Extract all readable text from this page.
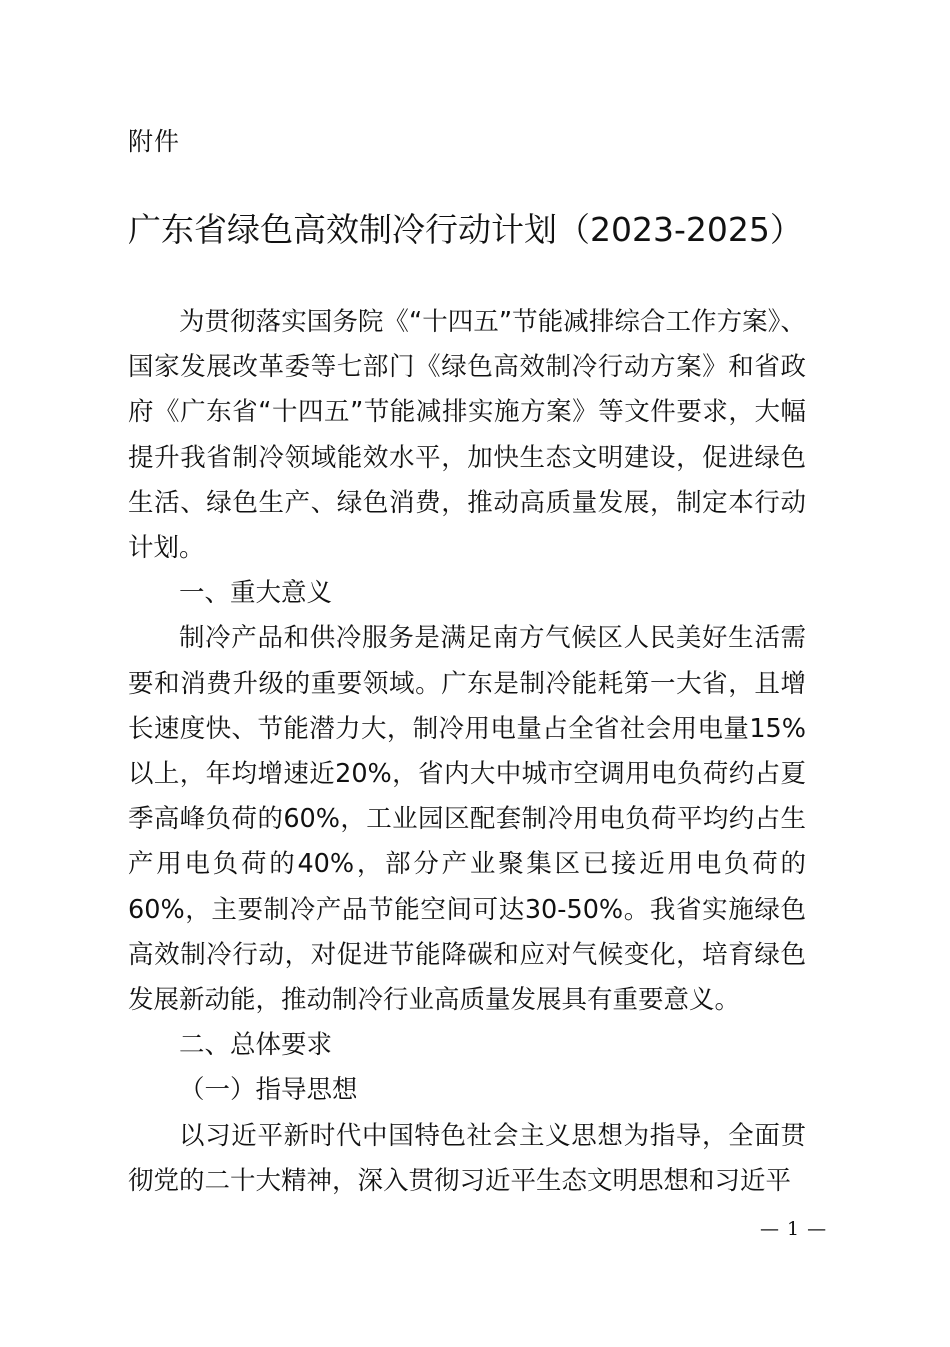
附件
广东省绿色高效制冷行动计划（2023-2025）

为贯彻落实国务院《“十四五”节能减排综合工作方案》、国家发展改革委等七部门《绿色高效制冷行动方案》和省政府《广东省“十四五”节能减排实施方案》等文件要求，大幅提升我省制冷领域能效水平，加快生态文明建设，促进绿色生活、绿色生产、绿色消费，推动高质量发展，制定本行动计划。

一、重大意义

制冷产品和供冷服务是满足南方气候区人民美好生活需要和消费升级的重要领域。广东是制冷能耗第一大省，且增长速度快、节能潜力大，制冷用电量占全省社会用电量15%以上，年均增速近20%，省内大中城市空调用电负荷约占夏季高峰负荷的60%，工业园区配套制冷用电负荷平均约占生产用电负荷的40%，部分产业聚集区已接近用电负荷的60%，主要制冷产品节能空间可达30-50%。我省实施绿色高效制冷行动，对促进节能降碳和应对气候变化，培育绿色发展新动能，推动制冷行业高质量发展具有重要意义。

二、总体要求

（一）指导思想

以习近平新时代中国特色社会主义思想为指导，全面贯彻党的二十大精神，深入贯彻习近平生态文明思想和习近平

— 1 —
